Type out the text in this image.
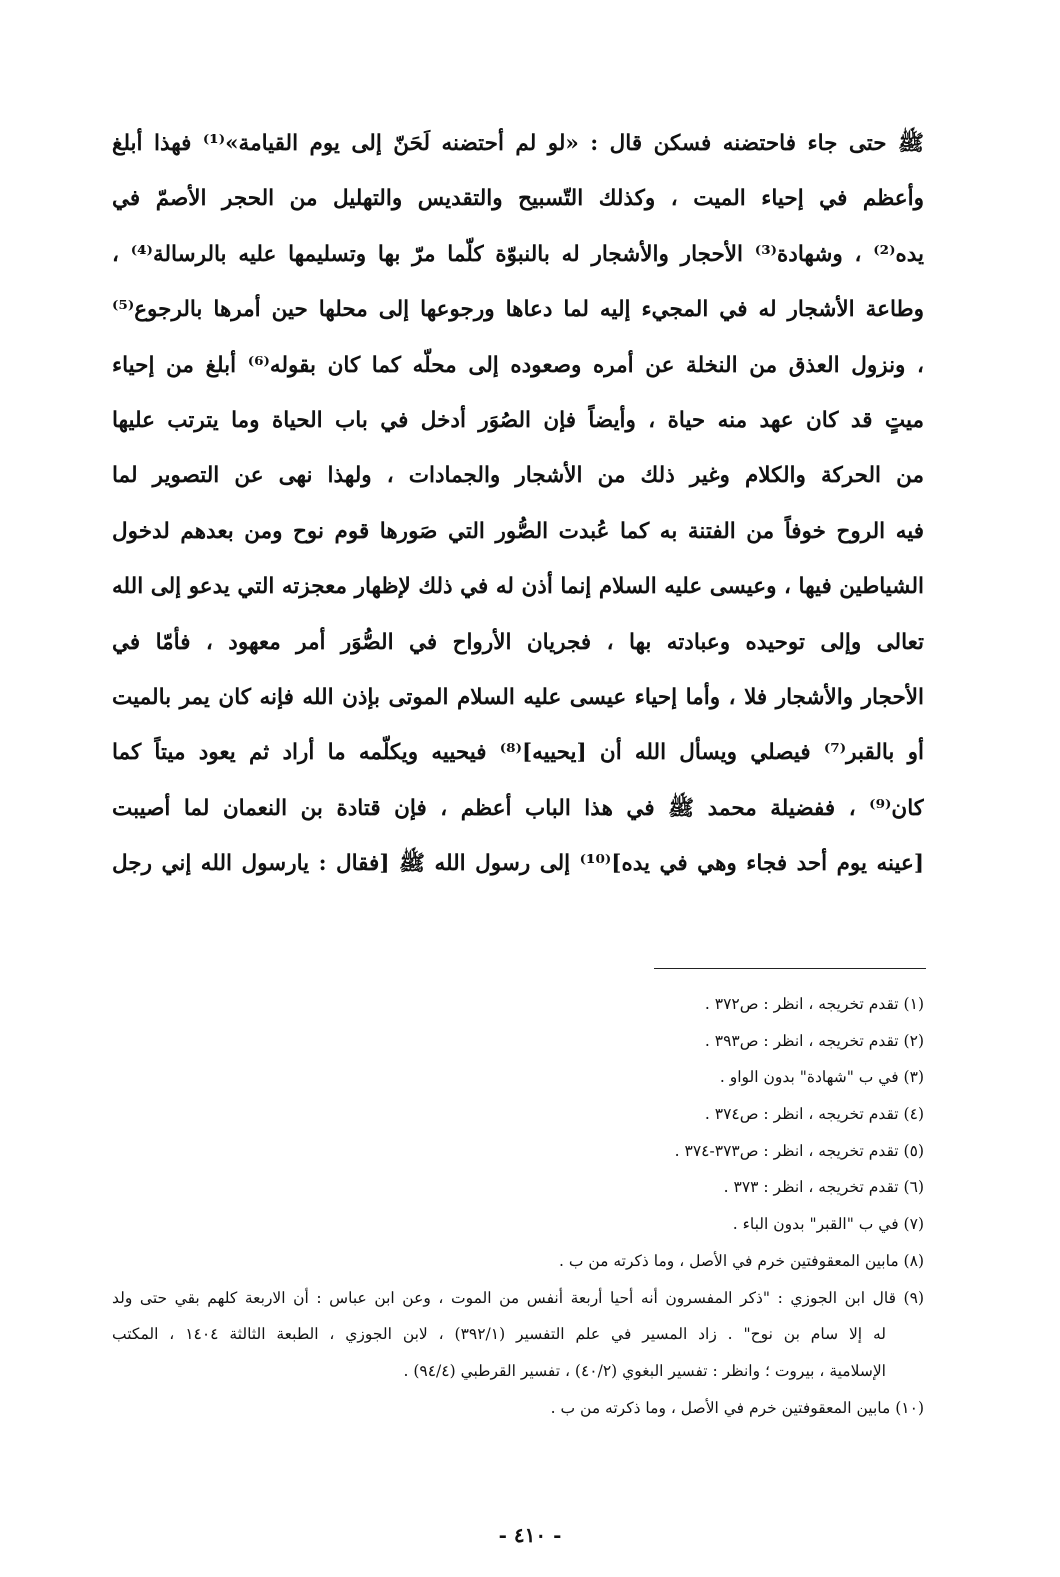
ﷺ حتى جاء فاحتضنه فسكن قال : «لو لم أحتضنه لَحَنّ إلى يوم القيامة»⁽¹⁾ فهذا أبلغ
وأعظم في إحياء الميت ، وكذلك التّسبيح والتقديس والتهليل من الحجر الأصمّ في
يده⁽²⁾ ، وشهادة⁽³⁾ الأحجار والأشجار له بالنبوّة كلّما مرّ بها وتسليمها عليه بالرسالة⁽⁴⁾ ،
وطاعة الأشجار له في المجيء إليه لما دعاها ورجوعها إلى محلها حين أمرها بالرجوع⁽⁵⁾
، ونزول العذق من النخلة عن أمره وصعوده إلى محلّه كما كان بقوله⁽⁶⁾ أبلغ من إحياء
ميتٍ قد كان عهد منه حياة ، وأيضاً فإن الصُوَر أدخل في باب الحياة وما يترتب عليها
من الحركة والكلام وغير ذلك من الأشجار والجمادات ، ولهذا نهى عن التصوير لما
فيه الروح خوفاً من الفتنة به كما عُبدت الصُّور التي صَورها قوم نوح ومن بعدهم لدخول
الشياطين فيها ، وعيسى عليه السلام إنما أذن له في ذلك لإظهار معجزته التي يدعو إلى الله
تعالى وإلى توحيده وعبادته بها ، فجريان الأرواح في الصُّوَر أمر معهود ، فأمّا في
الأحجار والأشجار فلا ، وأما إحياء عيسى عليه السلام الموتى بإذن الله فإنه كان يمر بالميت
أو بالقبر⁽⁷⁾ فيصلي ويسأل الله أن [يحييه]⁽⁸⁾ فيحييه ويكلّمه ما أراد ثم يعود ميتاً كما
كان⁽⁹⁾ ، ففضيلة محمد ﷺ في هذا الباب أعظم ، فإن قتادة بن النعمان لما أصيبت
[عينه يوم أحد فجاء وهي في يده]⁽¹⁰⁾ إلى رسول الله ﷺ [فقال : يارسول الله إني رجل
(١) تقدم تخريجه ، انظر : ص٣٧٢ .
(٢) تقدم تخريجه ، انظر : ص٣٩٣ .
(٣) في ب "شهادة" بدون الواو .
(٤) تقدم تخريجه ، انظر : ص٣٧٤ .
(٥) تقدم تخريجه ، انظر : ص٣٧٣-٣٧٤ .
(٦) تقدم تخريجه ، انظر : ٣٧٣ .
(٧) في ب "القبر" بدون الباء .
(٨) مابين المعقوفتين خرم في الأصل ، وما ذكرته من ب .
(٩) قال ابن الجوزي : "ذكر المفسرون أنه أحيا أربعة أنفس من الموت ، وعن ابن عباس : أن الاربعة كلهم بقي حتى ولد
له إلا سام بن نوح" . زاد المسير في علم التفسير (٣٩٢/١) ، لابن الجوزي ، الطبعة الثالثة ١٤٠٤ ، المكتب
الإسلامية ، بيروت ؛ وانظر : تفسير البغوي (٤٠/٢) ، تفسير القرطبي (٩٤/٤) .
(١٠) مابين المعقوفتين خرم في الأصل ، وما ذكرته من ب .
- ٤١٠ -
